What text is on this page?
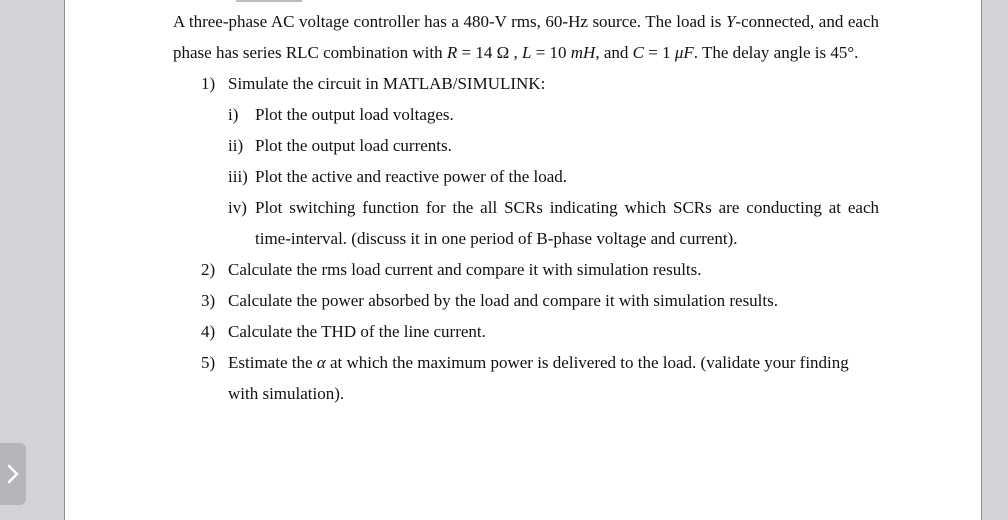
A three-phase AC voltage controller has a 480-V rms, 60-Hz source. The load is Y-connected, and each phase has series RLC combination with R = 14 Ω , L = 10 mH, and C = 1 μF. The delay angle is 45°.

1) Simulate the circuit in MATLAB/SIMULINK:
i) Plot the output load voltages.
ii) Plot the output load currents.
iii) Plot the active and reactive power of the load.
iv) Plot switching function for the all SCRs indicating which SCRs are conducting at each time-interval. (discuss it in one period of B-phase voltage and current).
2) Calculate the rms load current and compare it with simulation results.
3) Calculate the power absorbed by the load and compare it with simulation results.
4) Calculate the THD of the line current.
5) Estimate the α at which the maximum power is delivered to the load. (validate your finding with simulation).
